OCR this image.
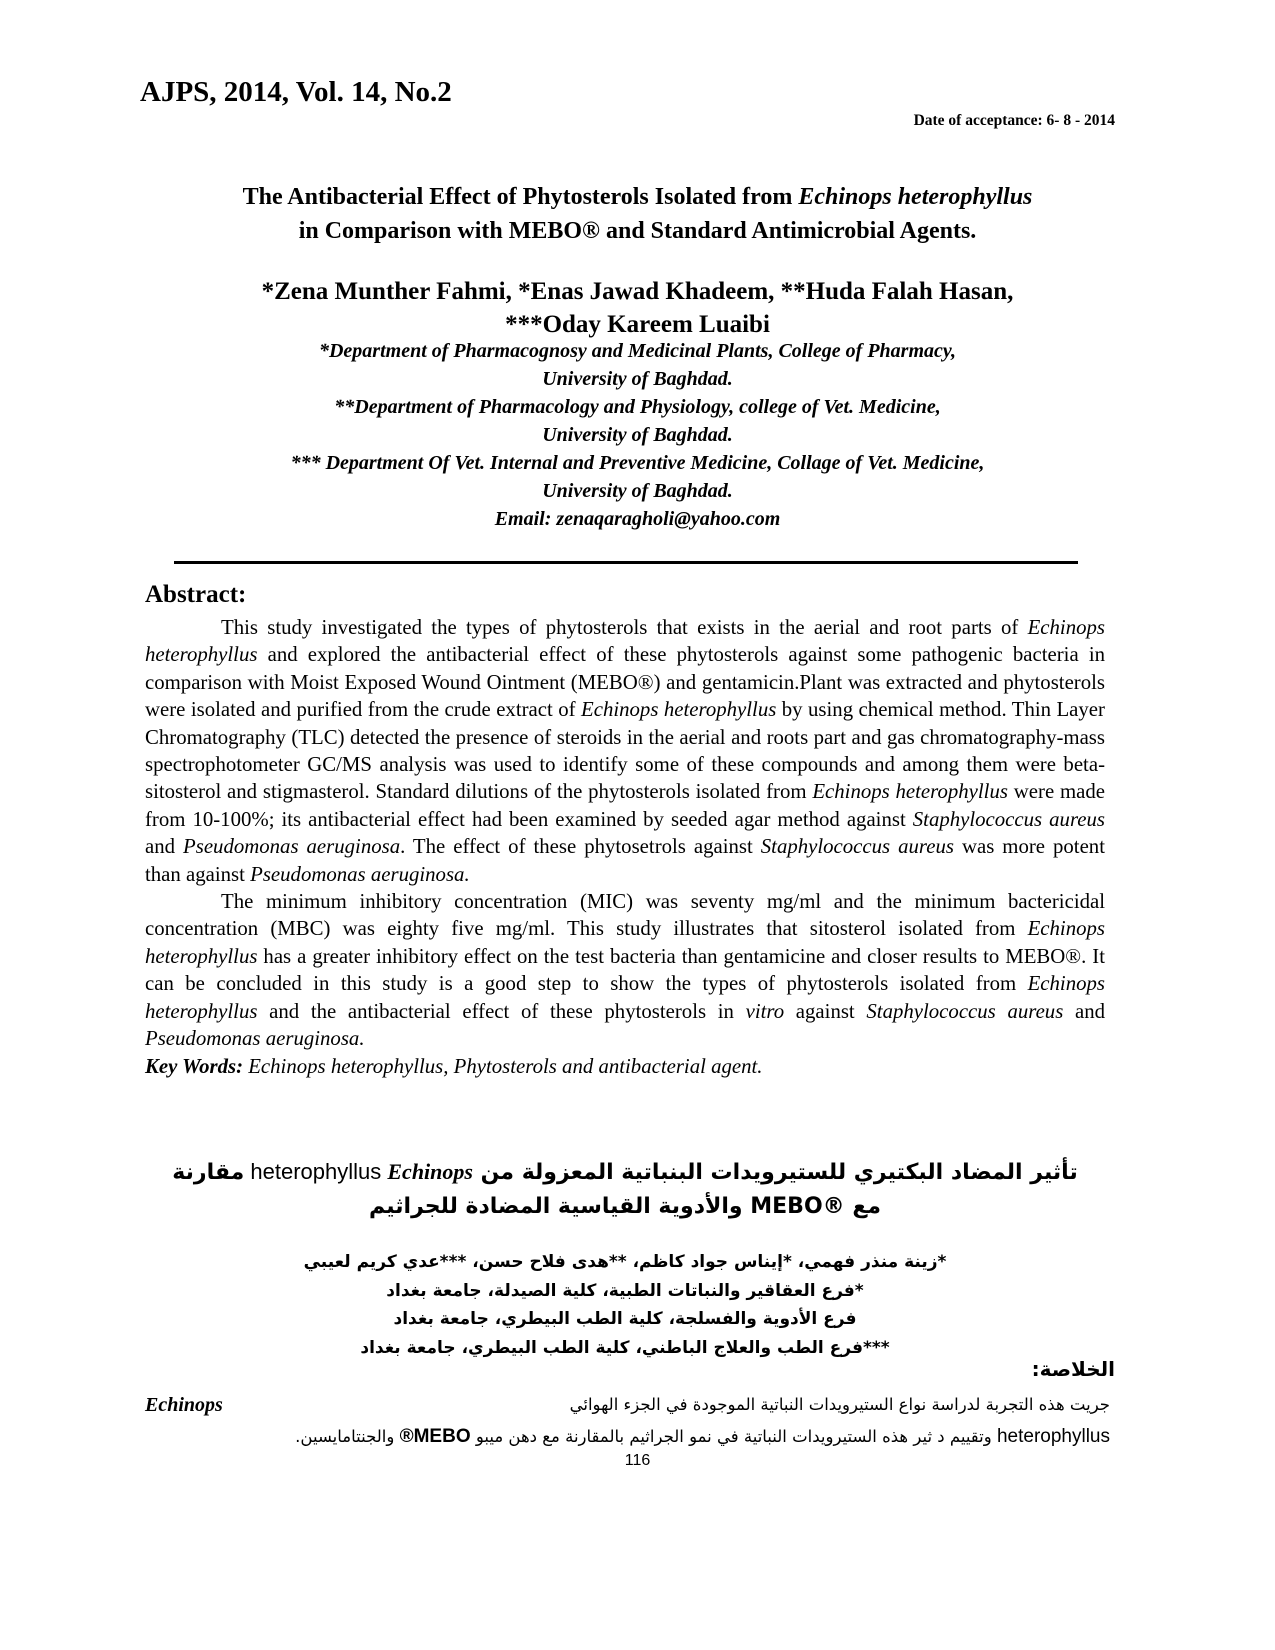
AJPS, 2014, Vol. 14, No.2
Date of acceptance: 6- 8 - 2014
The Antibacterial Effect of Phytosterols Isolated from Echinops heterophyllus
in Comparison with MEBO® and Standard Antimicrobial Agents.
*Zena Munther Fahmi, *Enas Jawad Khadeem, **Huda Falah Hasan,
***Oday Kareem Luaibi
*Department of Pharmacognosy and Medicinal Plants, College of Pharmacy,
University of Baghdad.
**Department of Pharmacology and Physiology, college of Vet. Medicine,
University of Baghdad.
*** Department Of Vet. Internal and Preventive Medicine, Collage of Vet. Medicine,
University of Baghdad.
Email: zenaqaragholi@yahoo.com
Abstract:

This study investigated the types of phytosterols that exists in the aerial and root parts of Echinops heterophyllus and explored the antibacterial effect of these phytosterols against some pathogenic bacteria in comparison with Moist Exposed Wound Ointment (MEBO®) and gentamicin.Plant was extracted and phytosterols were isolated and purified from the crude extract of Echinops heterophyllus by using chemical method. Thin Layer Chromatography (TLC) detected the presence of steroids in the aerial and roots part and gas chromatography-mass spectrophotometer GC/MS analysis was used to identify some of these compounds and among them were beta-sitosterol and stigmasterol. Standard dilutions of the phytosterols isolated from Echinops heterophyllus were made from 10-100%; its antibacterial effect had been examined by seeded agar method against Staphylococcus aureus and Pseudomonas aeruginosa. The effect of these phytosetrols against Staphylococcus aureus was more potent than against Pseudomonas aeruginosa.

The minimum inhibitory concentration (MIC) was seventy mg/ml and the minimum bactericidal concentration (MBC) was eighty five mg/ml. This study illustrates that sitosterol isolated from Echinops heterophyllus has a greater inhibitory effect on the test bacteria than gentamicine and closer results to MEBO®. It can be concluded in this study is a good step to show the types of phytosterols isolated from Echinops heterophyllus and the antibacterial effect of these phytosterols in vitro against Staphylococcus aureus and Pseudomonas aeruginosa.

Key Words: Echinops heterophyllus, Phytosterols and antibacterial agent.
تأثير المضاد البكتيري للستيرويدات البنباتية المعزولة من Echinops heterophyllus مقارنة
مع ®MEBO والأدوية القياسية المضادة للجراثيم
*زينة منذر فهمي، *إيناس جواد كاظم، **هدى فلاح حسن، ***عدي كريم لعيبي
*فرع العقاقير والنباتات الطبية، كلية الصيدلة، جامعة بغداد
فرع الأدوية والفسلجة، كلية الطب البيطري، جامعة بغداد
***فرع الطب والعلاج الباطني، كلية الطب البيطري، جامعة بغداد
الخلاصة:
جريت هذه التجربة لدراسة نواع الستيرويدات النباتية الموجودة في الجزء الهوائي
Echinops
heterophyllus وتقييم د ثير هذه الستيرويدات النباتية في نمو الجراثيم بالمقارنة مع دهن ميبو ®MEBO والجنتامايسين.
116
